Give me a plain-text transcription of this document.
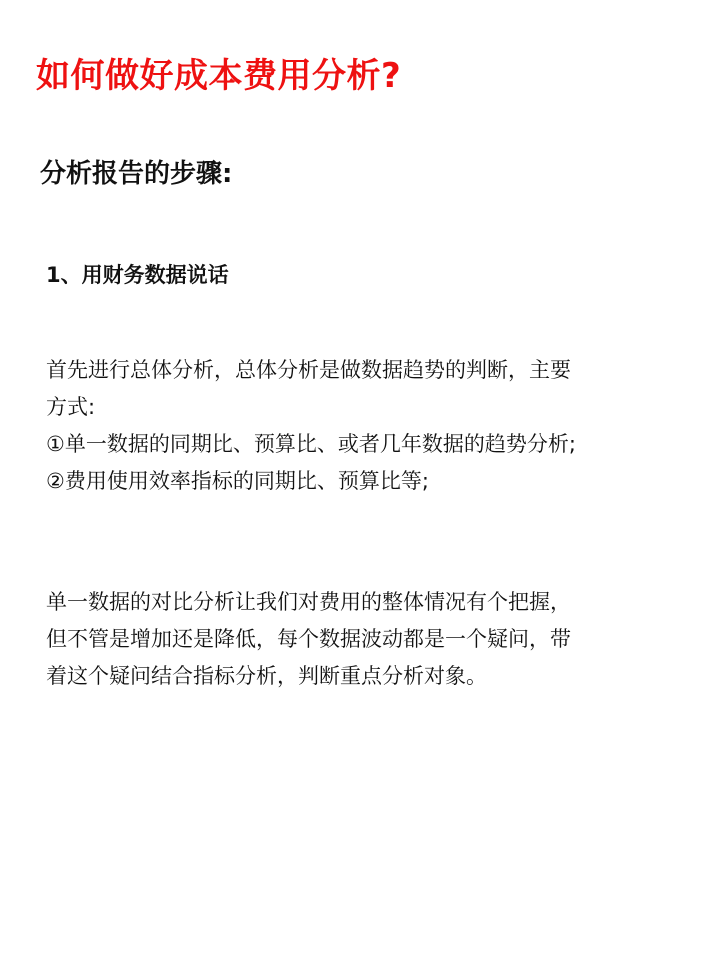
如何做好成本费用分析?
分析报告的步骤:
1、用财务数据说话
首先进行总体分析，总体分析是做数据趋势的判断，主要
方式:
①单一数据的同期比、预算比、或者几年数据的趋势分析;
②费用使用效率指标的同期比、预算比等;
单一数据的对比分析让我们对费用的整体情况有个把握，
但不管是增加还是降低，每个数据波动都是一个疑问，带
着这个疑问结合指标分析，判断重点分析对象。
